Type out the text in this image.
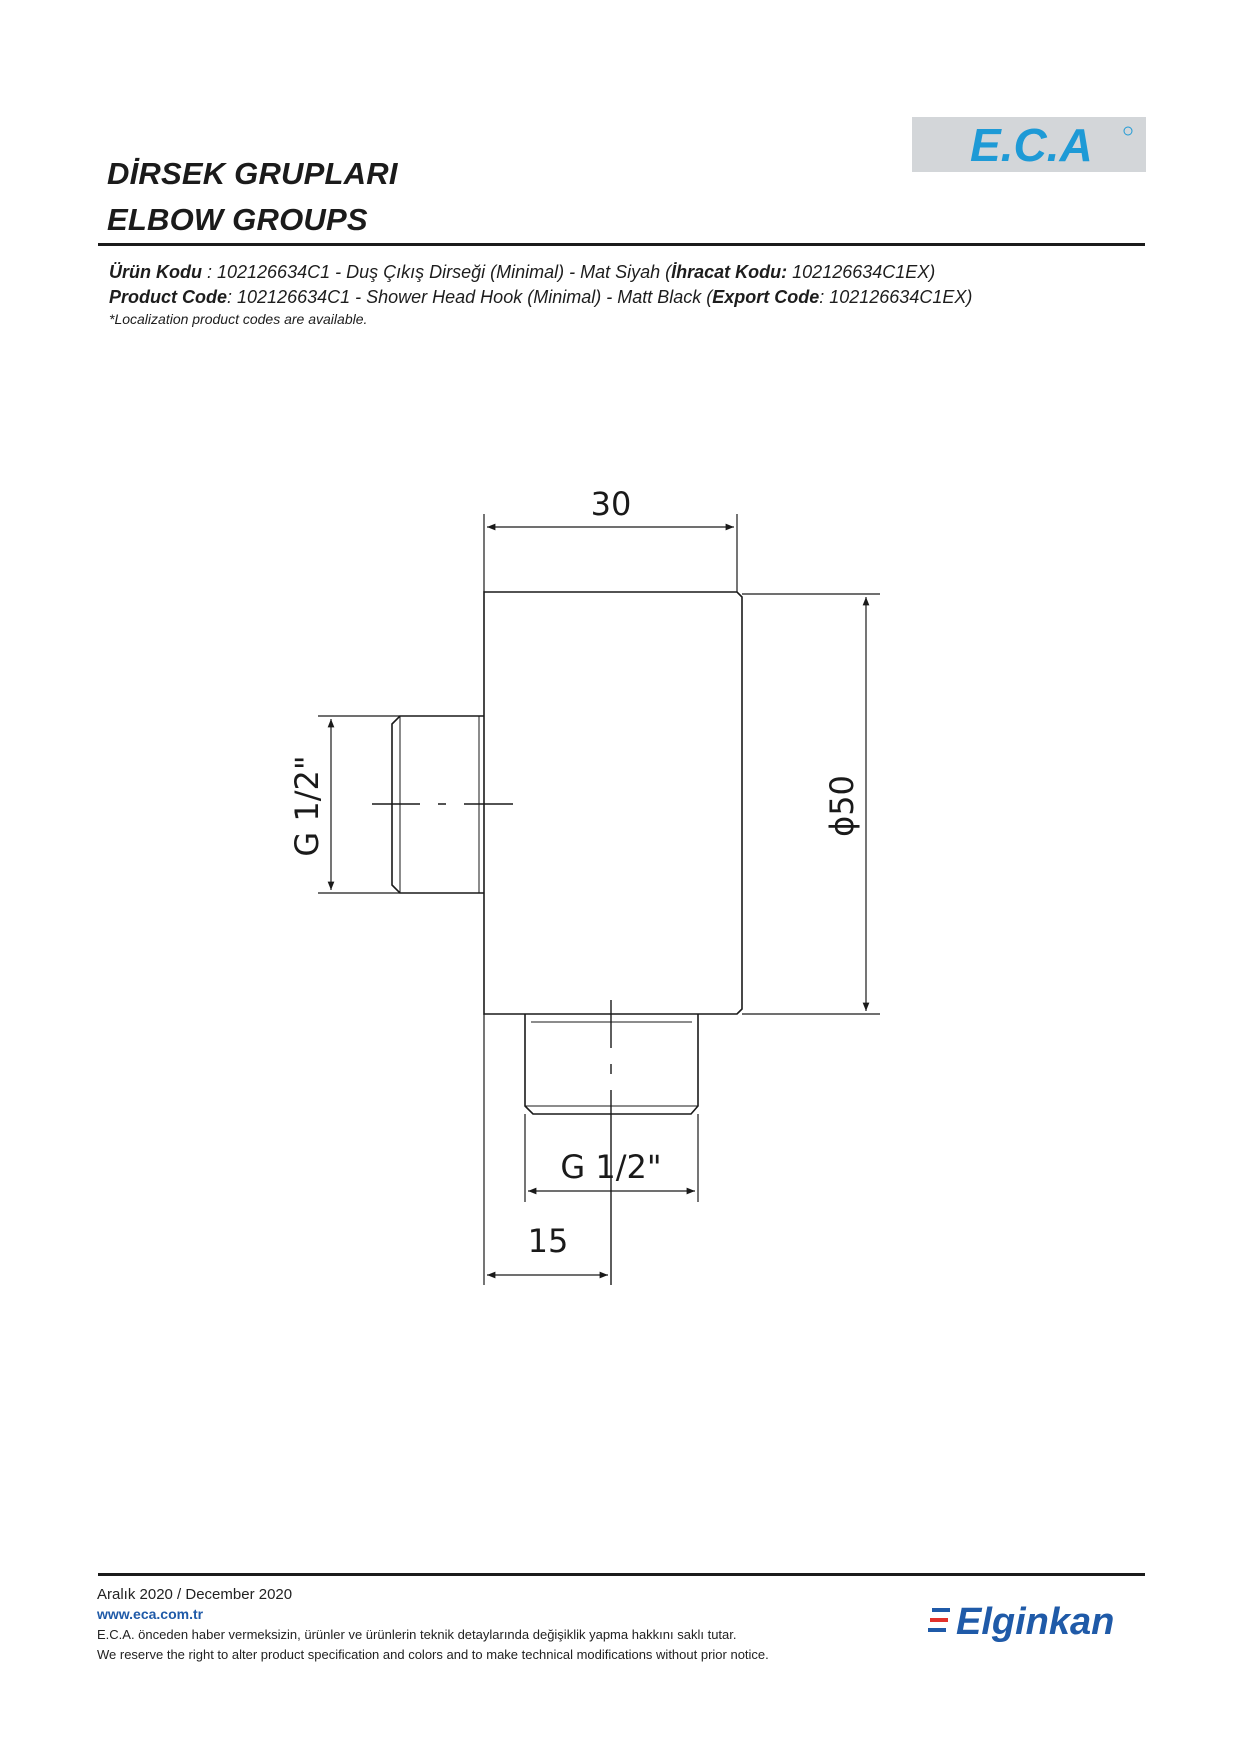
DİRSEK GRUPLARI
ELBOW GROUPS
E.C.A
Ürün Kodu : 102126634C1 - Duş Çıkış Dirseği (Minimal) - Mat Siyah (İhracat Kodu: 102126634C1EX)
Product Code: 102126634C1 - Shower Head Hook (Minimal) - Matt Black (Export Code: 102126634C1EX)
*Localization product codes are available.
30
15
G 1/2"
G 1/2"	ϕ50
Aralık 2020 / December 2020
www.eca.com.tr
E.C.A. önceden haber vermeksizin, ürünler ve ürünlerin teknik detaylarında değişiklik yapma hakkını saklı tutar.
We reserve the right to alter product specification and colors and to make technical modifications without prior notice.
Elginkan
